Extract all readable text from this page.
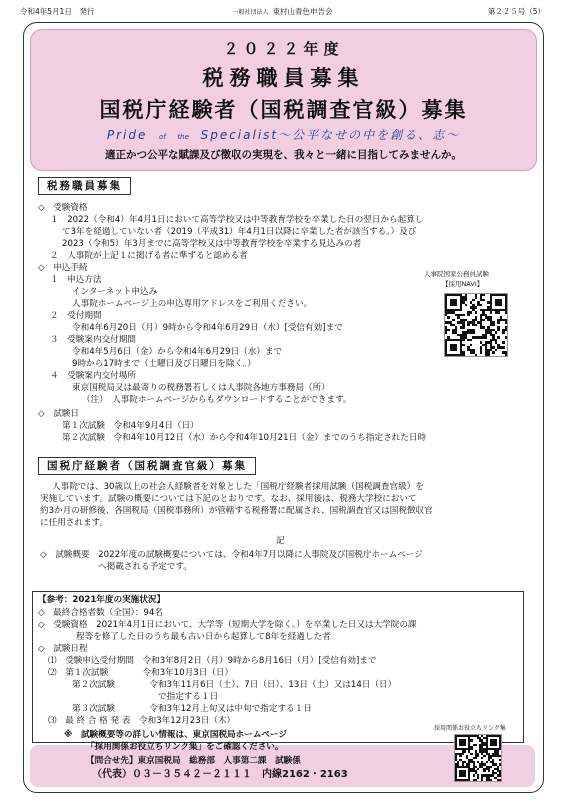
令和4年5月1日　発行	一般社団法人 東村山青色申告会	第２２５号（5）
２０２２年度
税務職員募集
国税庁経験者（国税調査官級）募集
Pride of the Specialist～公平なせの中を創る、志～
適正かつ公平な賦課及び徴収の実現を、我々と一緒に目指してみませんか。
税務職員募集
◇　受験資格
１　2022（令和4）年4月1日において高等学校又は中等教育学校を卒業した日の翌日から起算し
て3年を経過していない者（2019（平成31）年4月1日以降に卒業した者が該当する。）及び
2023（令和5）年3月までに高等学校又は中等教育学校を卒業する見込みの者
２　人事院が上記１に掲げる者に準ずると認める者
◇　申込手続
１　申込方法
インターネット申込み
人事院ホームページ上の申込専用アドレスをご利用ください。
２　受付期間
令和4年6月20日（月）9時から令和4年6月29日（水）[受信有効]まで
３　受験案内交付期間
令和4年5月6日（金）から令和4年6月29日（水）まで
9時から17時まで（土曜日及び日曜日を除く。）
４　受験案内交付場所
東京国税局又は最寄りの税務署若しくは人事院各地方事務局（所）
（注）　人事院ホームページからもダウンロードすることができます。
◇　試験日
第１次試験　令和4年9月4日（日）
第２次試験　令和4年10月12日（水）から令和4年10月21日（金）までのうち指定された日時
人事院国家公務員試験
【採用NAVI】
国税庁経験者（国税調査官級）募集
人事院では、30歳以上の社会人経験者を対象とした「国税庁経験者採用試験（国税調査官級）を
実施しています。試験の概要については下記のとおりです。なお、採用後は、税務大学校において
約3か月の研修後、各国税局（国税事務所）が管轄する税務署に配属され、国税調査官又は国税徴収官
に任用されます。
記
◇　試験概要　2022年度の試験概要については、令和4年7月以降に人事院及び国税庁ホームページ
へ掲載される予定です。
【参考：2021年度の実施状況】
◇　最終合格者数（全国）：94名
◇　受験資格　2021年4月1日において、大学等（短期大学を除く。）を卒業した日又は大学院の課
程等を修了した日のうち最も古い日から起算して8年を経過した者
◇　試験日程
⑴　受験申込受付期間　令和3年8月2日（月）9時から8月16日（月）[受信有効]まで
⑵　第１次試験　　　　令和3年10月3日（日）
第２次試験　　　　令和3年11月6日（土）、7日（日）、13日（土）又は14日（日）
で指定する１日
第３次試験　　　　令和3年12月上旬又は中旬で指定する１日
⑶　最 終 合 格 発 表　令和3年12月23日（木）
※　試験概要等の詳しい情報は、東京国税局ホームページ
「採用関係お役立ちリンク集」をご確認ください。
【問合せ先】東京国税局　総務部　人事第二課　試験係
（代表）０３－３５４２－２１１１　内線2162・2163
採用関係お役立ちリンク集
